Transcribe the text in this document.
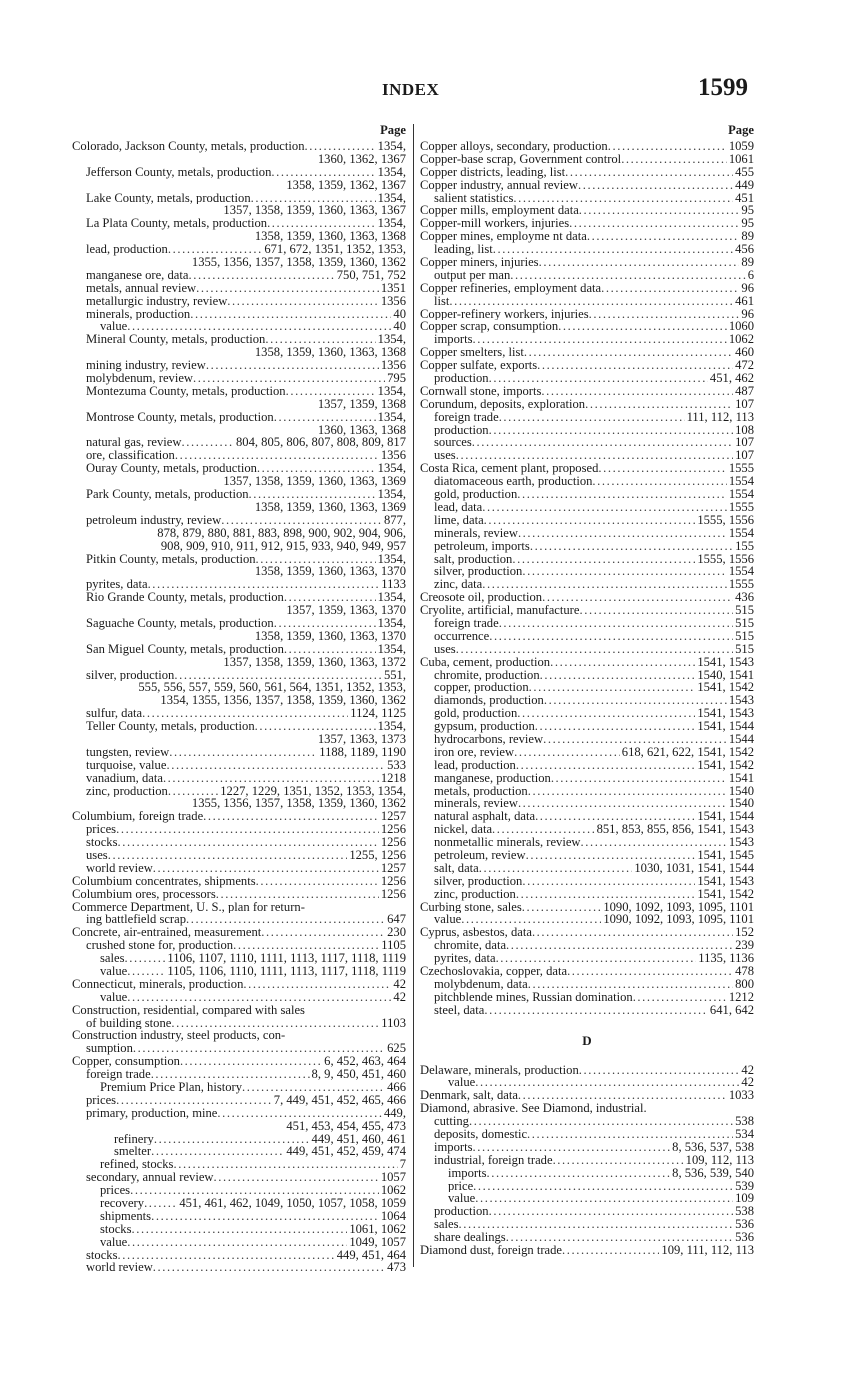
INDEX	1599
Page
Colorado, Jackson County, metals, production .....	1354,
1360, 1362, 1367
Jefferson County, metals, production .....	1354,
1358, 1359, 1362, 1367
Lake County, metals, production .....	1354,
1357, 1358, 1359, 1360, 1363, 1367
La Plata County, metals, production .....	1354,
1358, 1359, 1360, 1363, 1368
lead, production .....	671, 672, 1351, 1352, 1353,
1355, 1356, 1357, 1358, 1359, 1360, 1362
manganese ore, data .....	750, 751, 752
metals, annual review .....	1351
metallurgic industry, review .....	1356
minerals, production .....	40
value .....	40
Mineral County, metals, production .....	1354,
1358, 1359, 1360, 1363, 1368
mining industry, review .....	1356
molybdenum, review .....	795
Montezuma County, metals, production .....	1354,
1357, 1359, 1368
Montrose County, metals, production .....	1354,
1360, 1363, 1368
natural gas, review .....	804, 805, 806, 807, 808, 809, 817
ore, classification .....	1356
Ouray County, metals, production .....	1354,
1357, 1358, 1359, 1360, 1363, 1369
Park County, metals, production .....	1354,
1358, 1359, 1360, 1363, 1369
petroleum industry, review .....	877,
878, 879, 880, 881, 883, 898, 900, 902, 904, 906,
908, 909, 910, 911, 912, 915, 933, 940, 949, 957
Pitkin County, metals, production .....	1354,
1358, 1359, 1360, 1363, 1370
pyrites, data .....	1133
Rio Grande County, metals, production .....	1354,
1357, 1359, 1363, 1370
Saguache County, metals, production .....	1354,
1358, 1359, 1360, 1363, 1370
San Miguel County, metals, production .....	1354,
1357, 1358, 1359, 1360, 1363, 1372
silver, production .....	551,
555, 556, 557, 559, 560, 561, 564, 1351, 1352, 1353,
1354, 1355, 1356, 1357, 1358, 1359, 1360, 1362
sulfur, data .....	1124, 1125
Teller County, metals, production .....	1354,
1357, 1363, 1373
tungsten, review .....	1188, 1189, 1190
turquoise, value .....	533
vanadium, data .....	1218
zinc, production .....	1227, 1229, 1351, 1352, 1353, 1354,
1355, 1356, 1357, 1358, 1359, 1360, 1362
Columbium, foreign trade .....	1257
prices .....	1256
stocks .....	1256
uses .....	1255, 1256
world review .....	1257
Columbium concentrates, shipments .....	1256
Columbium ores, processors .....	1256
Commerce Department, U. S., plan for return-
ing battlefield scrap .....	647
Concrete, air-entrained, measurement .....	230
crushed stone for, production .....	1105
sales .....	1106, 1107, 1110, 1111, 1113, 1117, 1118, 1119
value .....	1105, 1106, 1110, 1111, 1113, 1117, 1118, 1119
Connecticut, minerals, production .....	42
value .....	42
Construction, residential, compared with sales
of building stone .....	1103
Construction industry, steel products, con-
sumption .....	625
Copper, consumption .....	6, 452, 463, 464
foreign trade .....	8, 9, 450, 451, 460
Premium Price Plan, history .....	466
prices .....	7, 449, 451, 452, 465, 466
primary, production, mine .....	449,
451, 453, 454, 455, 473
refinery .....	449, 451, 460, 461
smelter .....	449, 451, 452, 459, 474
refined, stocks .....	7
secondary, annual review .....	1057
prices .....	1062
recovery .....	451, 461, 462, 1049, 1050, 1057, 1058, 1059
shipments .....	1064
stocks .....	1061, 1062
value .....	1049, 1057
stocks .....	449, 451, 464
world review .....	473
Page
Copper alloys, secondary, production .....	1059
Copper-base scrap, Government control .....	1061
Copper districts, leading, list .....	455
Copper industry, annual review .....	449
salient statistics .....	451
Copper mills, employment data .....	95
Copper-mill workers, injuries .....	95
Copper mines, employme nt data .....	89
leading, list .....	456
Copper miners, injuries .....	89
output per man .....	6
Copper refineries, employment data .....	96
list .....	461
Copper-refinery workers, injuries .....	96
Copper scrap, consumption .....	1060
imports .....	1062
Copper smelters, list .....	460
Copper sulfate, exports .....	472
production .....	451, 462
Cornwall stone, imports .....	487
Corundum, deposits, exploration .....	107
foreign trade .....	111, 112, 113
production .....	108
sources .....	107
uses .....	107
Costa Rica, cement plant, proposed .....	1555
diatomaceous earth, production .....	1554
gold, production .....	1554
lead, data .....	1555
lime, data .....	1555, 1556
minerals, review .....	1554
petroleum, imports .....	155
salt, production .....	1555, 1556
silver, production .....	1554
zinc, data .....	1555
Creosote oil, production .....	436
Cryolite, artificial, manufacture .....	515
foreign trade .....	515
occurrence .....	515
uses .....	515
Cuba, cement, production .....	1541, 1543
chromite, production .....	1540, 1541
copper, production .....	1541, 1542
diamonds, production .....	1543
gold, production .....	1541, 1543
gypsum, production .....	1541, 1544
hydrocarbons, review .....	1544
iron ore, review .....	618, 621, 622, 1541, 1542
lead, production .....	1541, 1542
manganese, production .....	1541
metals, production .....	1540
minerals, review .....	1540
natural asphalt, data .....	1541, 1544
nickel, data .....	851, 853, 855, 856, 1541, 1543
nonmetallic minerals, review .....	1543
petroleum, review .....	1541, 1545
salt, data .....	1030, 1031, 1541, 1544
silver, production .....	1541, 1543
zinc, production .....	1541, 1542
Curbing stone, sales .....	1090, 1092, 1093, 1095, 1101
value .....	1090, 1092, 1093, 1095, 1101
Cyprus, asbestos, data .....	152
chromite, data .....	239
pyrites, data .....	1135, 1136
Czechoslovakia, copper, data .....	478
molybdenum, data .....	800
pitchblende mines, Russian domination .....	1212
steel, data .....	641, 642
D
Delaware, minerals, production .....	42
value .....	42
Denmark, salt, data .....	1033
Diamond, abrasive. See Diamond, industrial.
cutting .....	538
deposits, domestic .....	534
imports .....	8, 536, 537, 538
industrial, foreign trade .....	109, 112, 113
imports .....	8, 536, 539, 540
price .....	539
value .....	109
production .....	538
sales .....	536
share dealings .....	536
Diamond dust, foreign trade .....	109, 111, 112, 113
